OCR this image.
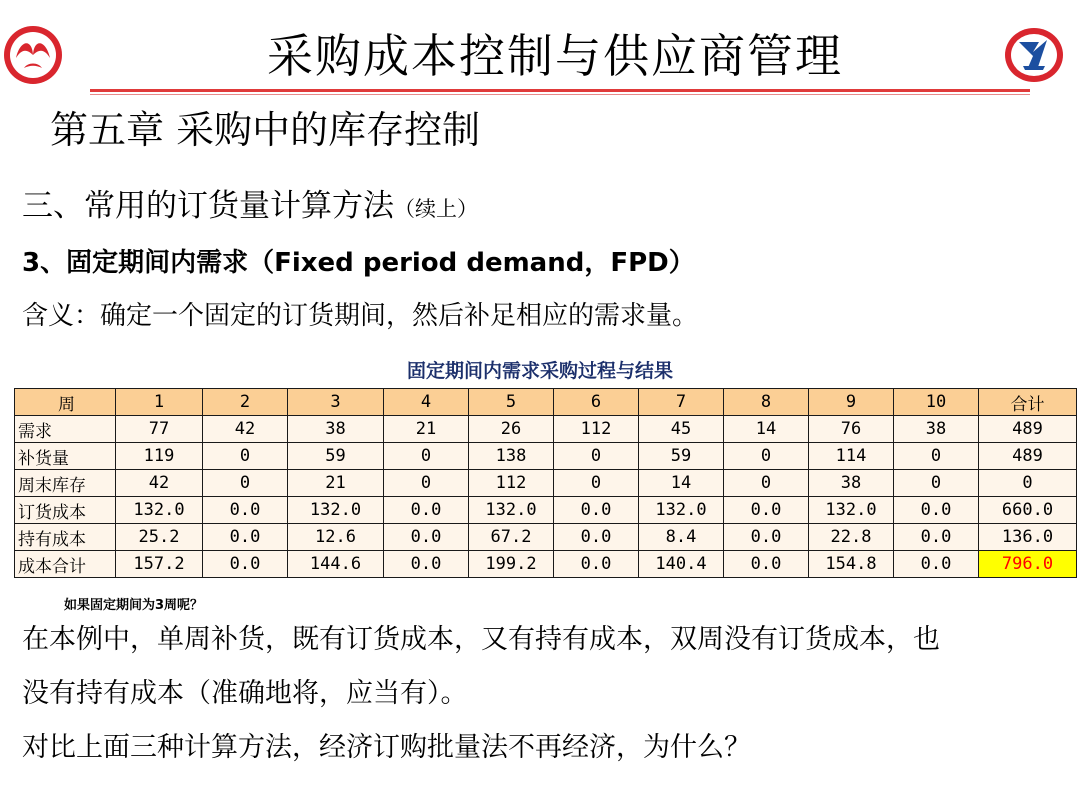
采购成本控制与供应商管理
第五章 采购中的库存控制
三、常用的订货量计算方法（续上）
3、固定期间内需求（Fixed period demand，FPD）
含义：确定一个固定的订货期间，然后补足相应的需求量。
固定期间内需求采购过程与结果
周	1	2	3	4	5	6	7	8	9	10	合计
需求	77	42	38	21	26	112	45	14	76	38	489
补货量	119	0	59	0	138	0	59	0	114	0	489
周末库存	42	0	21	0	112	0	14	0	38	0	0
订货成本	132.0	0.0	132.0	0.0	132.0	0.0	132.0	0.0	132.0	0.0	660.0
持有成本	25.2	0.0	12.6	0.0	67.2	0.0	8.4	0.0	22.8	0.0	136.0
成本合计	157.2	0.0	144.6	0.0	199.2	0.0	140.4	0.0	154.8	0.0	796.0
如果固定期间为3周呢？
在本例中，单周补货，既有订货成本，又有持有成本，双周没有订货成本，也
没有持有成本（准确地将，应当有）。
对比上面三种计算方法，经济订购批量法不再经济，为什么？
